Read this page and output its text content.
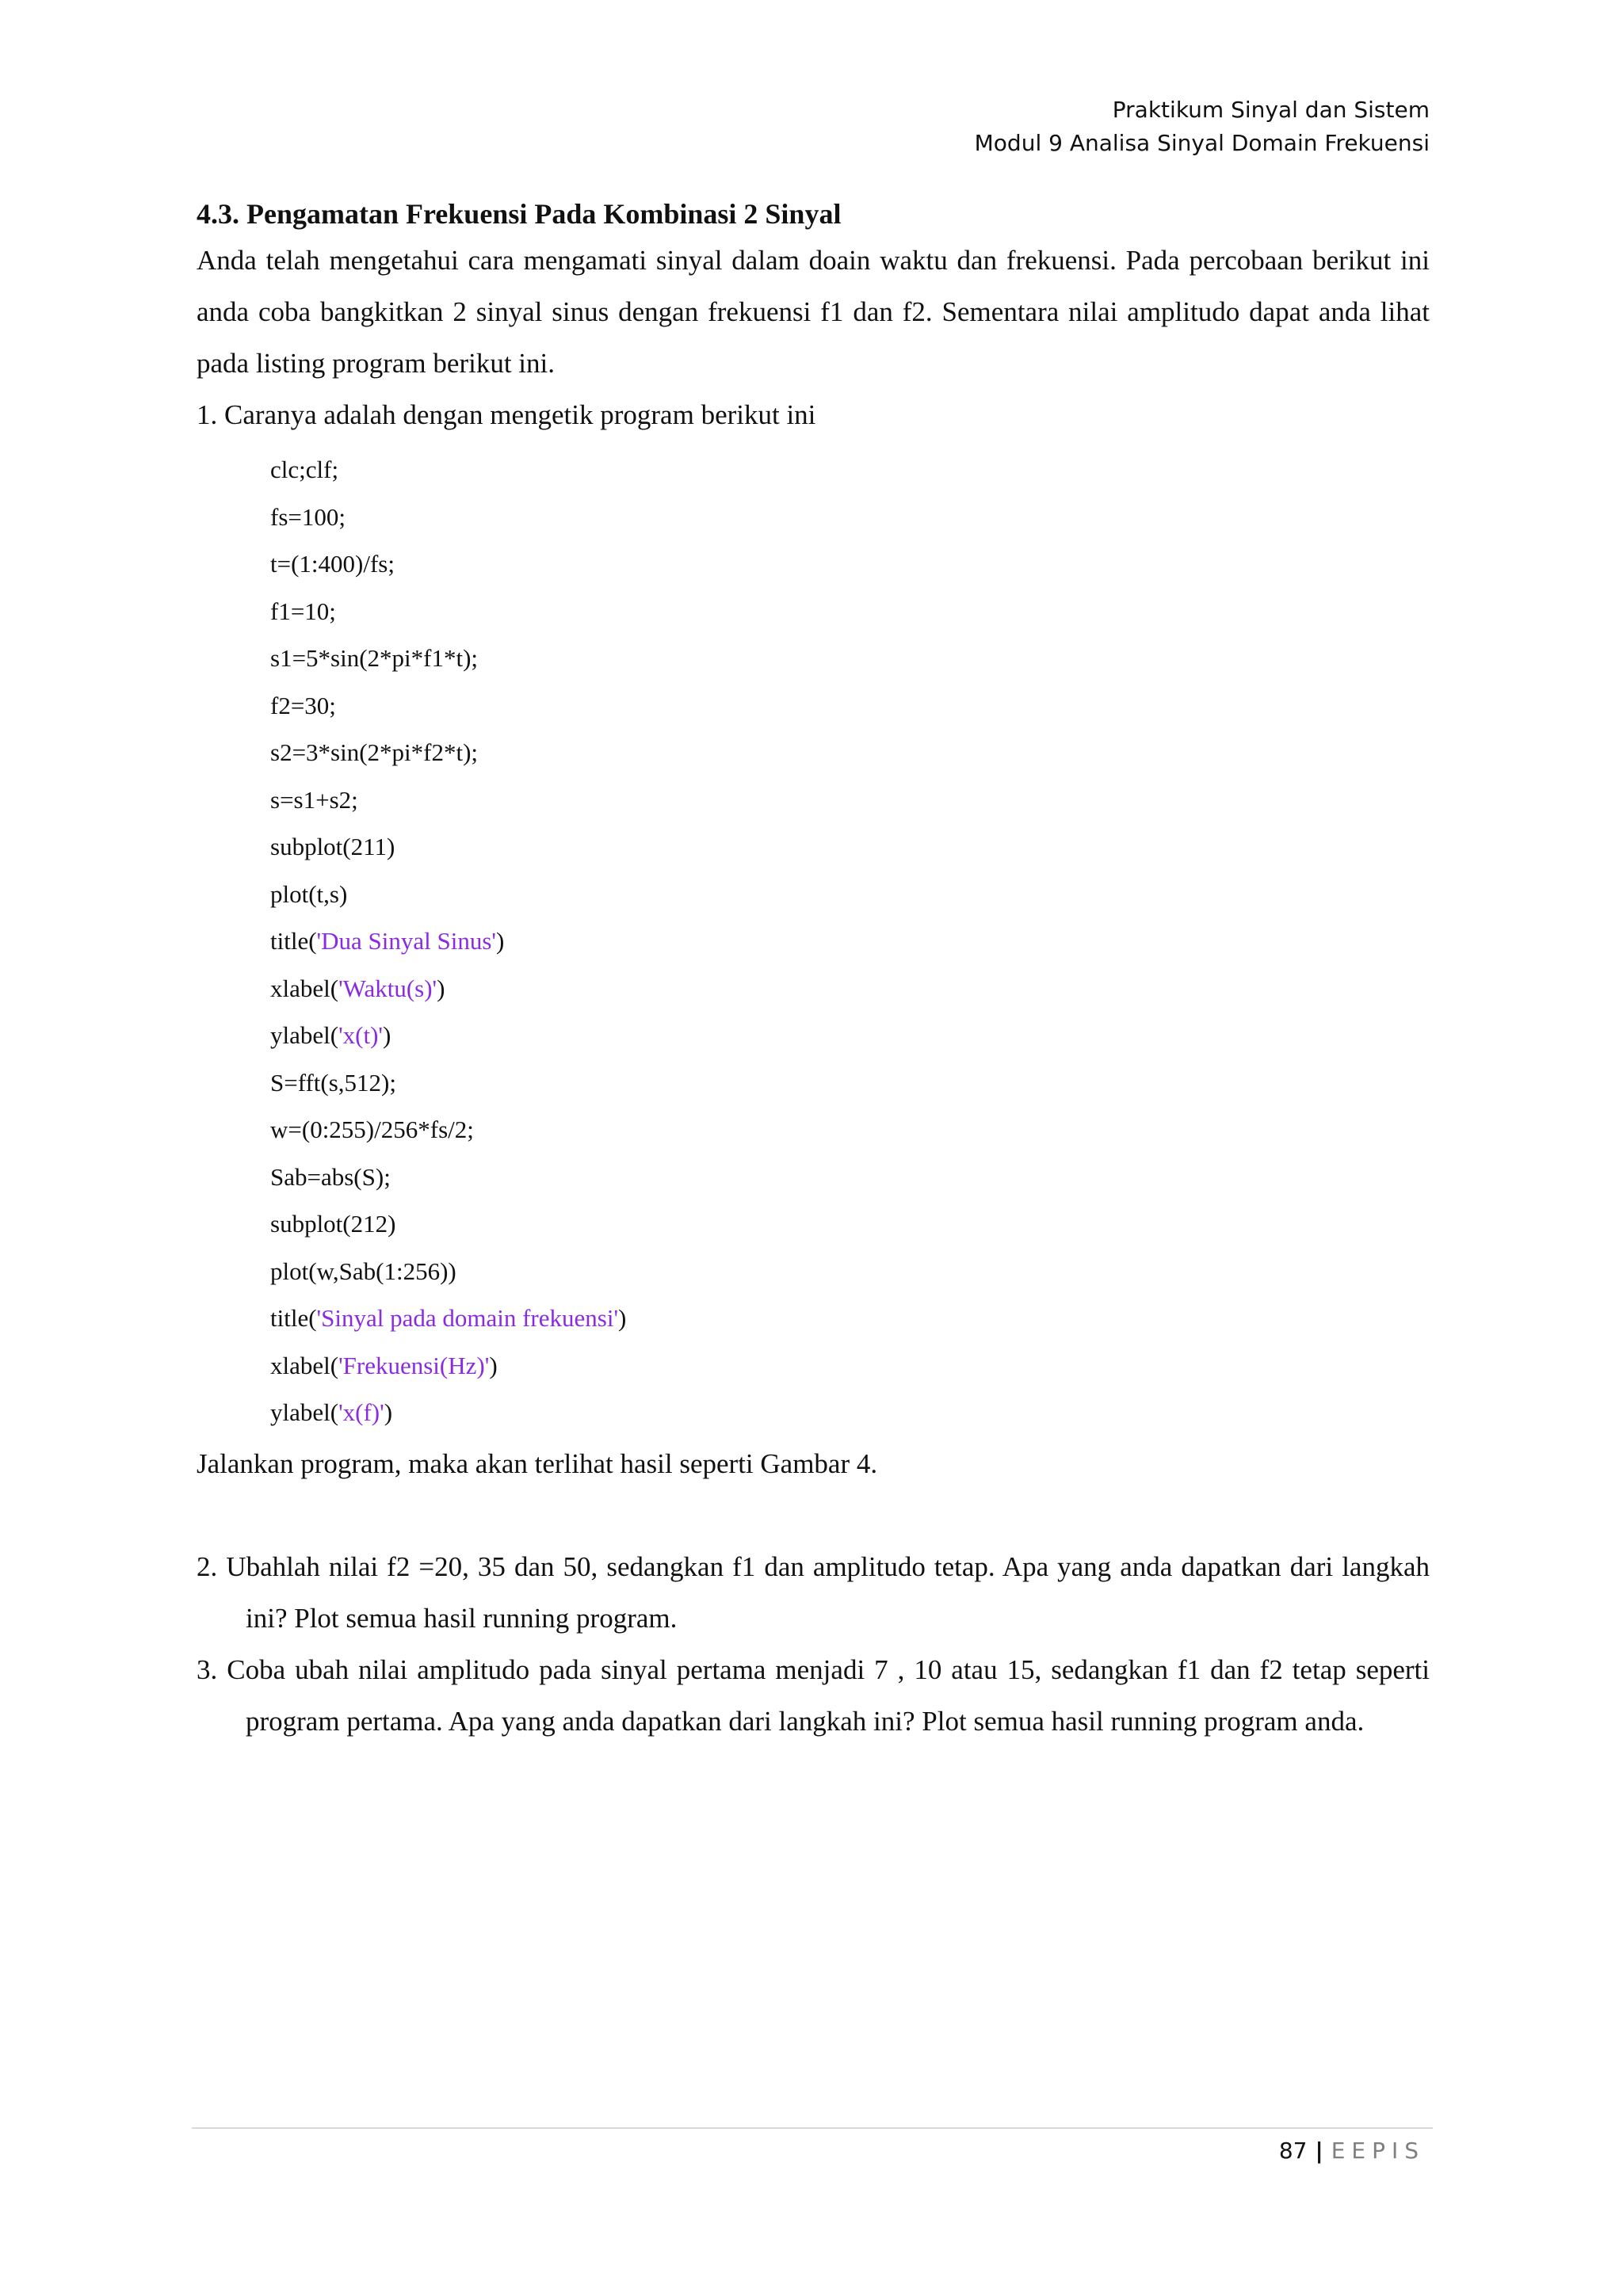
Praktikum Sinyal dan Sistem
Modul 9 Analisa Sinyal Domain Frekuensi
4.3. Pengamatan Frekuensi Pada Kombinasi 2 Sinyal

Anda telah mengetahui cara mengamati sinyal dalam doain waktu dan frekuensi. Pada percobaan berikut ini anda coba bangkitkan 2 sinyal sinus dengan frekuensi f1 dan f2. Sementara nilai amplitudo dapat anda lihat pada listing program berikut ini.

1. Caranya adalah dengan mengetik program berikut ini

clc;clf;
fs=100;
t=(1:400)/fs;
f1=10;
s1=5*sin(2*pi*f1*t);
f2=30;
s2=3*sin(2*pi*f2*t);
s=s1+s2;
subplot(211)
plot(t,s)
title('Dua Sinyal Sinus')
xlabel('Waktu(s)')
ylabel('x(t)')
S=fft(s,512);
w=(0:255)/256*fs/2;
Sab=abs(S);
subplot(212)
plot(w,Sab(1:256))
title('Sinyal pada domain frekuensi')
xlabel('Frekuensi(Hz)')
ylabel('x(f)')

Jalankan program, maka akan terlihat hasil seperti Gambar 4.

2. Ubahlah nilai f2 =20, 35 dan 50, sedangkan f1 dan amplitudo tetap. Apa yang anda dapatkan dari langkah ini? Plot semua hasil running program.

3. Coba ubah nilai amplitudo pada sinyal pertama menjadi 7 , 10 atau 15, sedangkan f1 dan f2 tetap seperti program pertama. Apa yang anda dapatkan dari langkah ini? Plot semua hasil running program anda.

87 | EEPIS
